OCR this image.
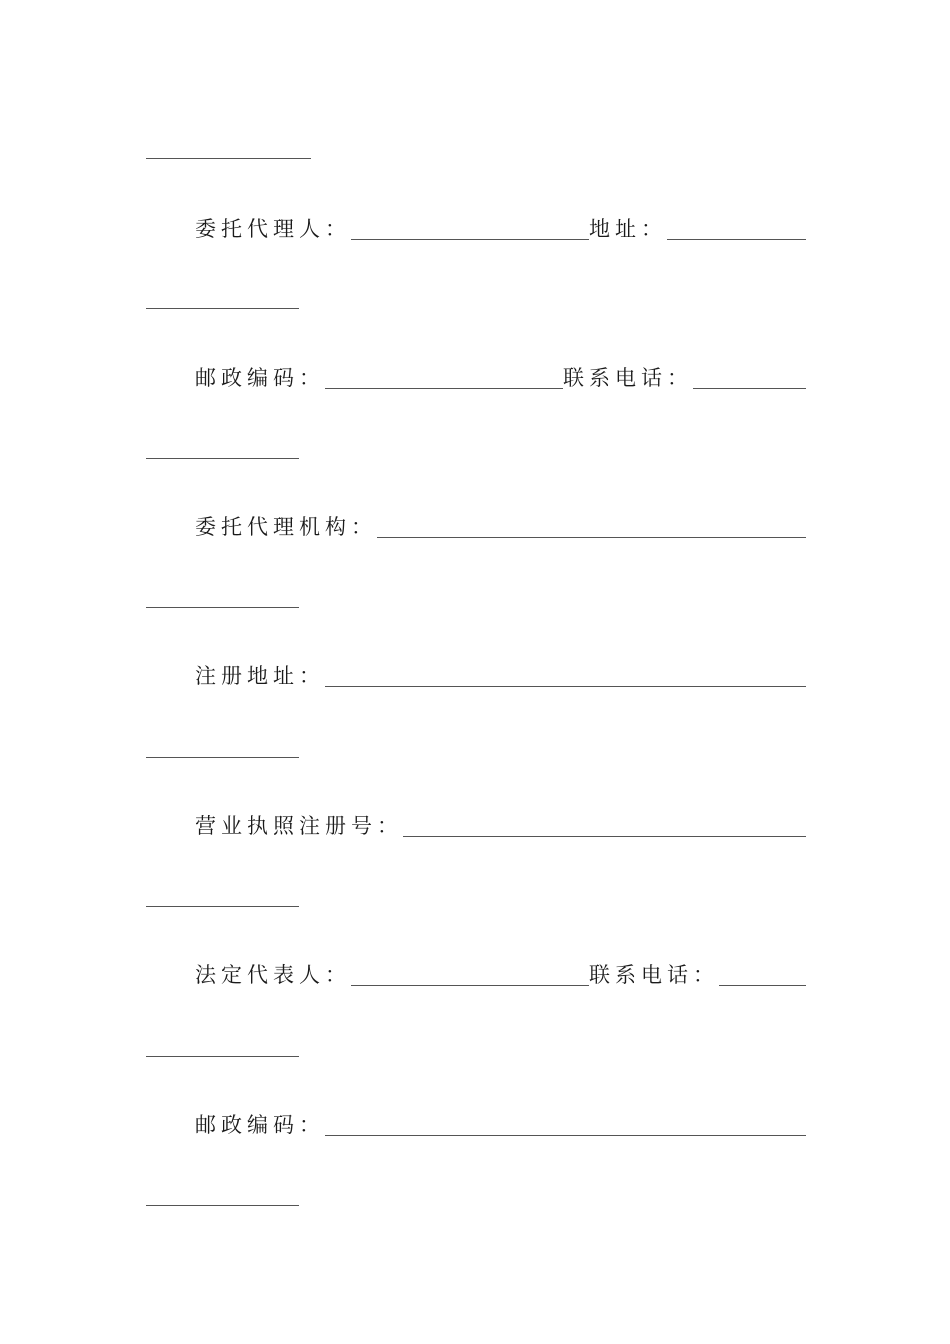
委托代理人：	地址：
邮政编码：	联系电话：
委托代理机构：
注册地址：
营业执照注册号：
法定代表人：	联系电话：
邮政编码：
